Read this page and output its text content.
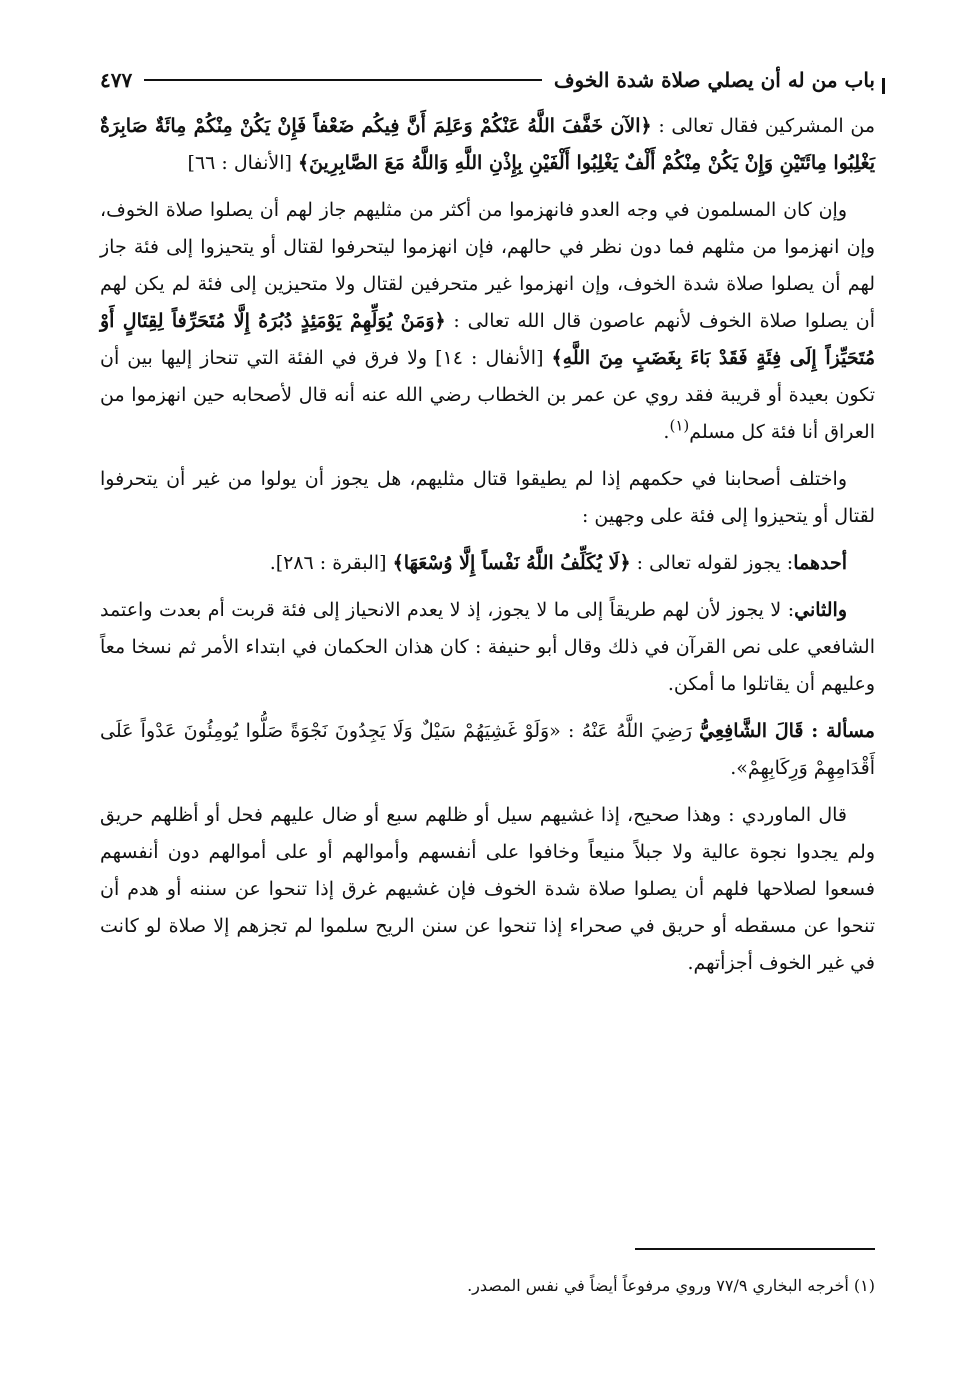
باب من له أن يصلي صلاة شدة الخوف
٤٧٧

من المشركين فقال تعالى : ﴿الآن خَفَّفَ اللَّهُ عَنْكُمْ وَعَلِمَ أَنَّ فِيكُم ضَعْفاً فَإِنْ يَكُنْ مِنْكُمْ مِائَةٌ صَابِرَةٌ يَغْلِبُوا مِائَتَيْنِ وَإِنْ يَكُنْ مِنْكُمْ أَلْفٌ يَغْلِبُوا أَلْفَيْنِ بِإِذْنِ اللَّهِ وَاللَّهُ مَعَ الصَّابِرِينَ﴾ [الأنفال : ٦٦]

وإن كان المسلمون في وجه العدو فانهزموا من أكثر من مثليهم جاز لهم أن يصلوا صلاة الخوف، وإن انهزموا من مثلهم فما دون نظر في حالهم، فإن انهزموا ليتحرفوا لقتال أو يتحيزوا إلى فئة جاز لهم أن يصلوا صلاة شدة الخوف، وإن انهزموا غير متحرفين لقتال ولا متحيزين إلى فئة لم يكن لهم أن يصلوا صلاة الخوف لأنهم عاصون قال الله تعالى : ﴿وَمَنْ يُوَلِّهِمْ يَوْمَئِذٍ دُبُرَهُ إِلَّا مُتَحَرِّفاً لِقِتَالٍ أَوْ مُتَحَيِّزاً إِلَى فِئَةٍ فَقَدْ بَاءَ بِغَضَبٍ مِنَ اللَّهِ﴾ [الأنفال : ١٤] ولا فرق في الفئة التي تنحاز إليها بين أن تكون بعيدة أو قريبة فقد روي عن عمر بن الخطاب رضي الله عنه أنه قال لأصحابه حين انهزموا من العراق أنا فئة كل مسلم$^{(١)}$.

واختلف أصحابنا في حكمهم إذا لم يطيقوا قتال مثليهم، هل يجوز أن يولوا من غير أن يتحرفوا لقتال أو يتحيزوا إلى فئة على وجهين :

أحدهما: يجوز لقوله تعالى : ﴿لَا يُكَلِّفُ اللَّهُ نَفْساً إِلَّا وُسْعَهَا﴾ [البقرة : ٢٨٦].

والثاني: لا يجوز لأن لهم طريقاً إلى ما لا يجوز، إذ لا يعدم الانحياز إلى فئة قربت أم بعدت واعتمد الشافعي على نص القرآن في ذلك وقال أبو حنيفة : كان هذان الحكمان في ابتداء الأمر ثم نسخا معاً وعليهم أن يقاتلوا ما أمكن.

مسألة : قَالَ الشَّافِعِيُّ رَضِيَ اللَّهُ عَنْهُ : «وَلَوْ غَشِيَهُمْ سَيْلٌ وَلَا يَجِدُونَ نَجْوَةً صَلُّوا يُومِئُونَ عَدْواً عَلَى أَقْدَامِهِمْ وَرِكَابِهِمْ».

قال الماوردي : وهذا صحيح، إذا غشيهم سيل أو ظلهم سبع أو ضال عليهم فحل أو أظلهم حريق ولم يجدوا نجوة عالية ولا جبلاً منيعاً وخافوا على أنفسهم وأموالهم أو على أموالهم دون أنفسهم فسعوا لصلاحها فلهم أن يصلوا صلاة شدة الخوف فإن غشيهم غرق إذا تنحوا عن سننه أو هدم أن تنحوا عن مسقطه أو حريق في صحراء إذا تنحوا عن سنن الريح سلموا لم تجزهم إلا صلاة لو كانت في غير الخوف أجزأتهم.

(١) أخرجه البخاري ٧٧/٩ وروي مرفوعاً أيضاً في نفس المصدر.
